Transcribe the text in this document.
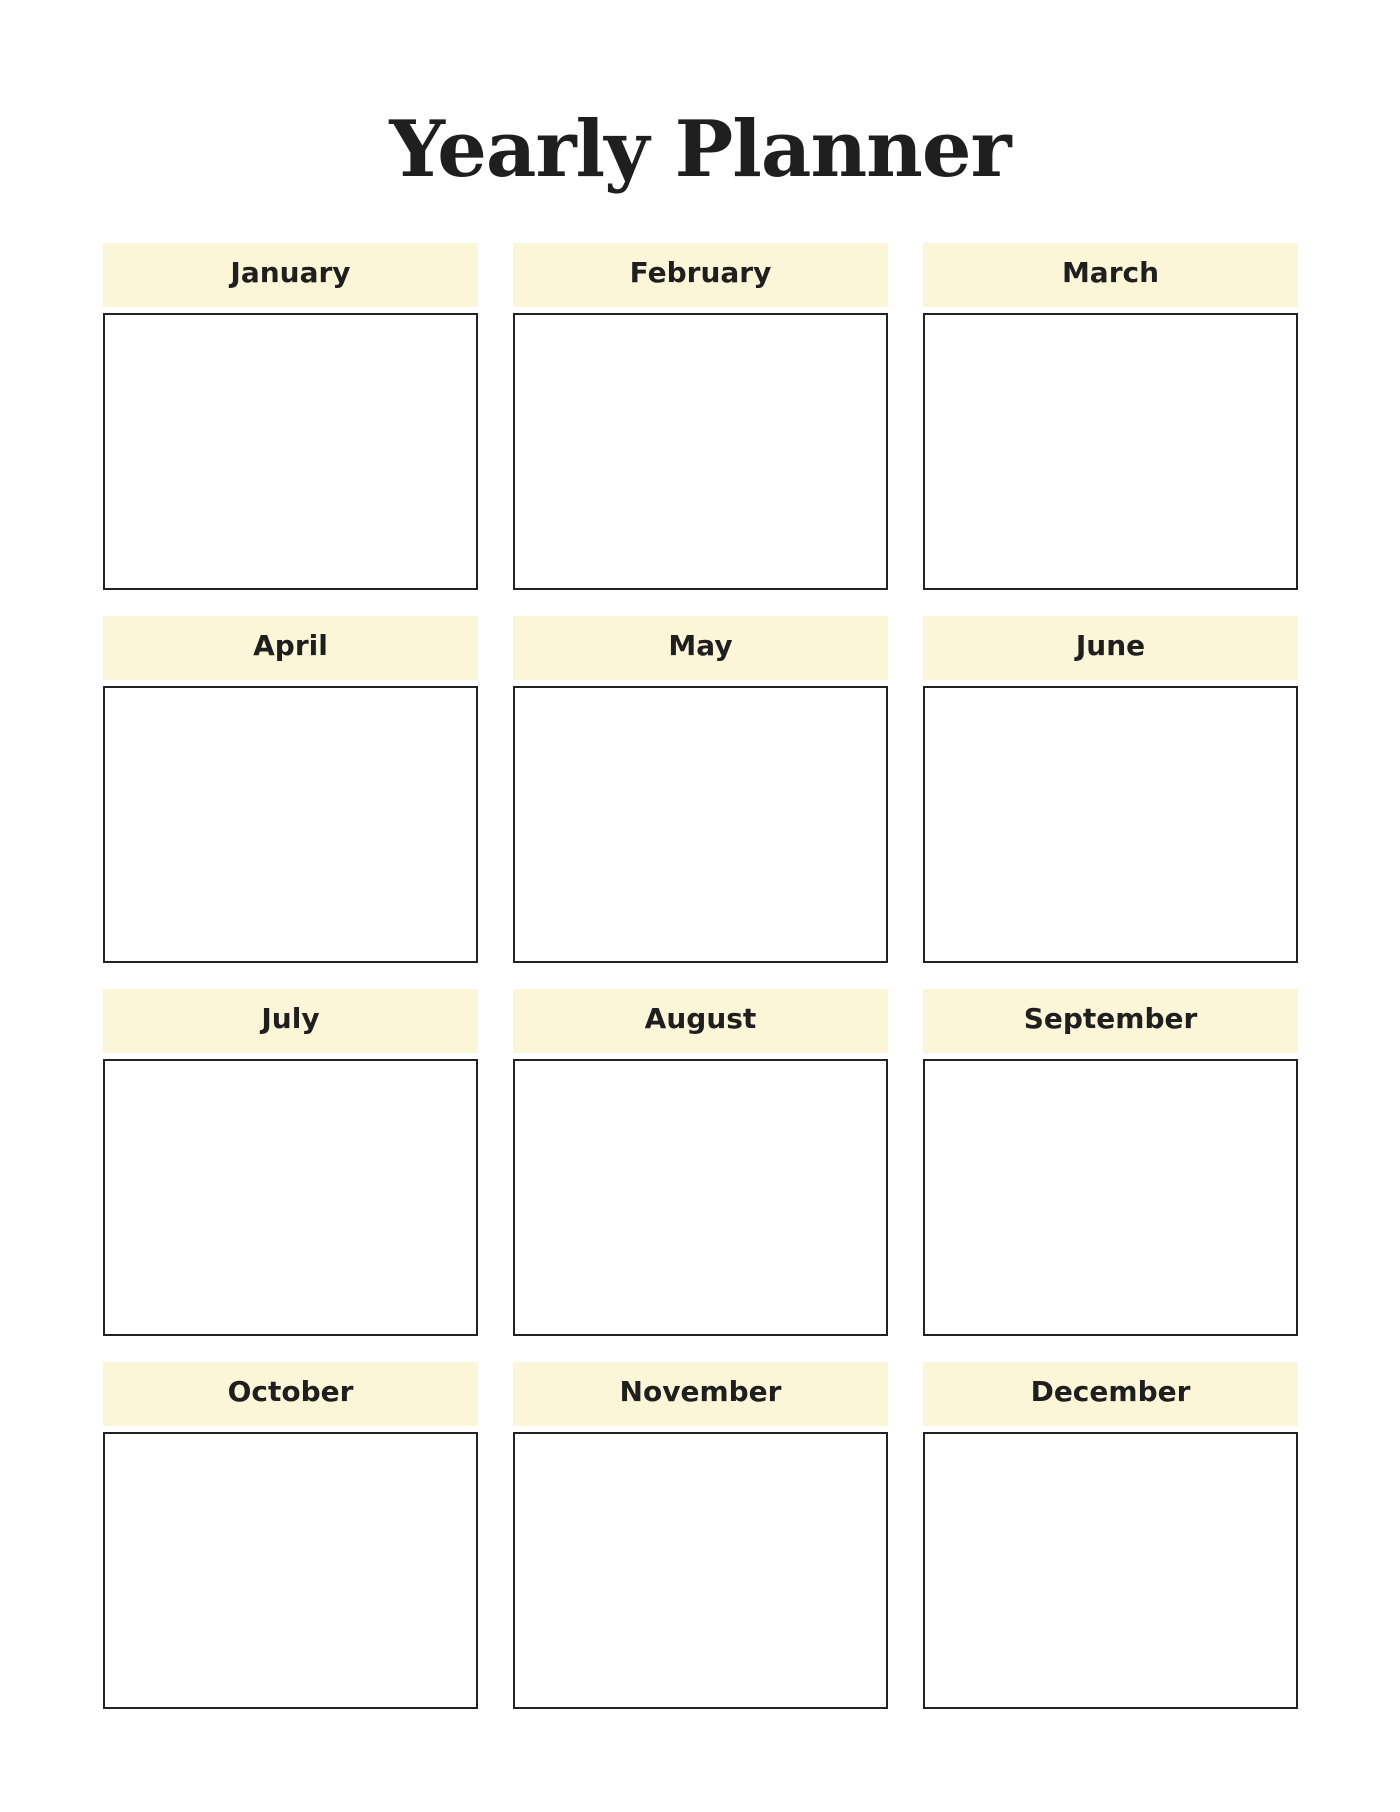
Yearly Planner
January	February	March
April	May	June
July	August	September
October	November	December
